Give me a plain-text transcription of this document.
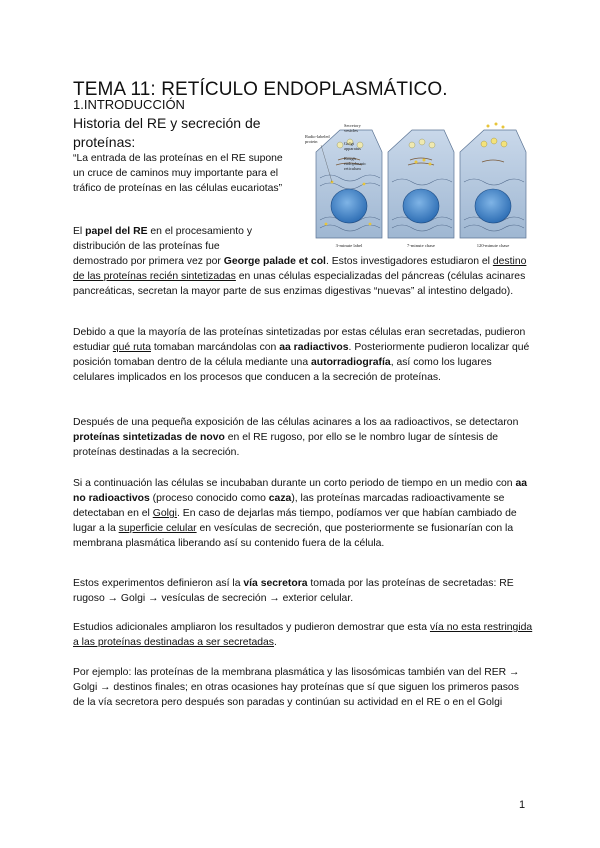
TEMA 11: RETÍCULO ENDOPLASMÁTICO.

1.INTRODUCCIÓN

Historia del RE y secreción de proteínas:

“La entrada de las proteínas en el RE supone un cruce de caminos muy importante para el tráfico de proteínas en las células eucariotas”

Radio-labeled
protein
Secretory
vesicles
Golgi
apparatus
Rough
endoplasmic
reticulum
3-minute label	7-minute chase	120-minute chase

El papel del RE en el procesamiento y distribución de las proteínas fue

demostrado por primera vez por George palade et col. Estos investigadores estudiaron el destino de las proteínas recién sintetizadas en unas células especializadas del páncreas (células acinares pancreáticas, secretan la mayor parte de sus enzimas digestivas “nuevas” al intestino delgado).

Debido a que la mayoría de las proteínas sintetizadas por estas células eran secretadas, pudieron estudiar qué ruta tomaban marcándolas con aa radiactivos. Posteriormente pudieron localizar qué posición tomaban dentro de la célula mediante una autorradiografía, así como los lugares celulares implicados en los procesos que conducen a la secreción de proteínas.

Después de una pequeña exposición de las células acinares a los aa radioactivos, se detectaron proteínas sintetizadas de novo en el RE rugoso, por ello se le nombro lugar de síntesis de proteínas destinadas a la secreción.

Si a continuación las células se incubaban durante un corto periodo de tiempo en un medio con aa no radioactivos (proceso conocido como caza), las proteínas marcadas radioactivamente se detectaban en el Golgi. En caso de dejarlas más tiempo, podíamos ver que habían cambiado de lugar a la superficie celular en vesículas de secreción, que posteriormente se fusionarían con la membrana plasmática liberando así su contenido fuera de la célula.

Estos experimentos definieron así la vía secretora tomada por las proteínas de secretadas: RE rugoso → Golgi → vesículas de secreción → exterior celular.

Estudios adicionales ampliaron los resultados y pudieron demostrar que esta vía no esta restringida a las proteínas destinadas a ser secretadas.

Por ejemplo: las proteínas de la membrana plasmática y las lisosómicas también van del RER → Golgi → destinos finales; en otras ocasiones hay proteínas que sí que siguen los primeros pasos de la vía secretora pero después son paradas y continúan su actividad en el RE o en el Golgi

1
